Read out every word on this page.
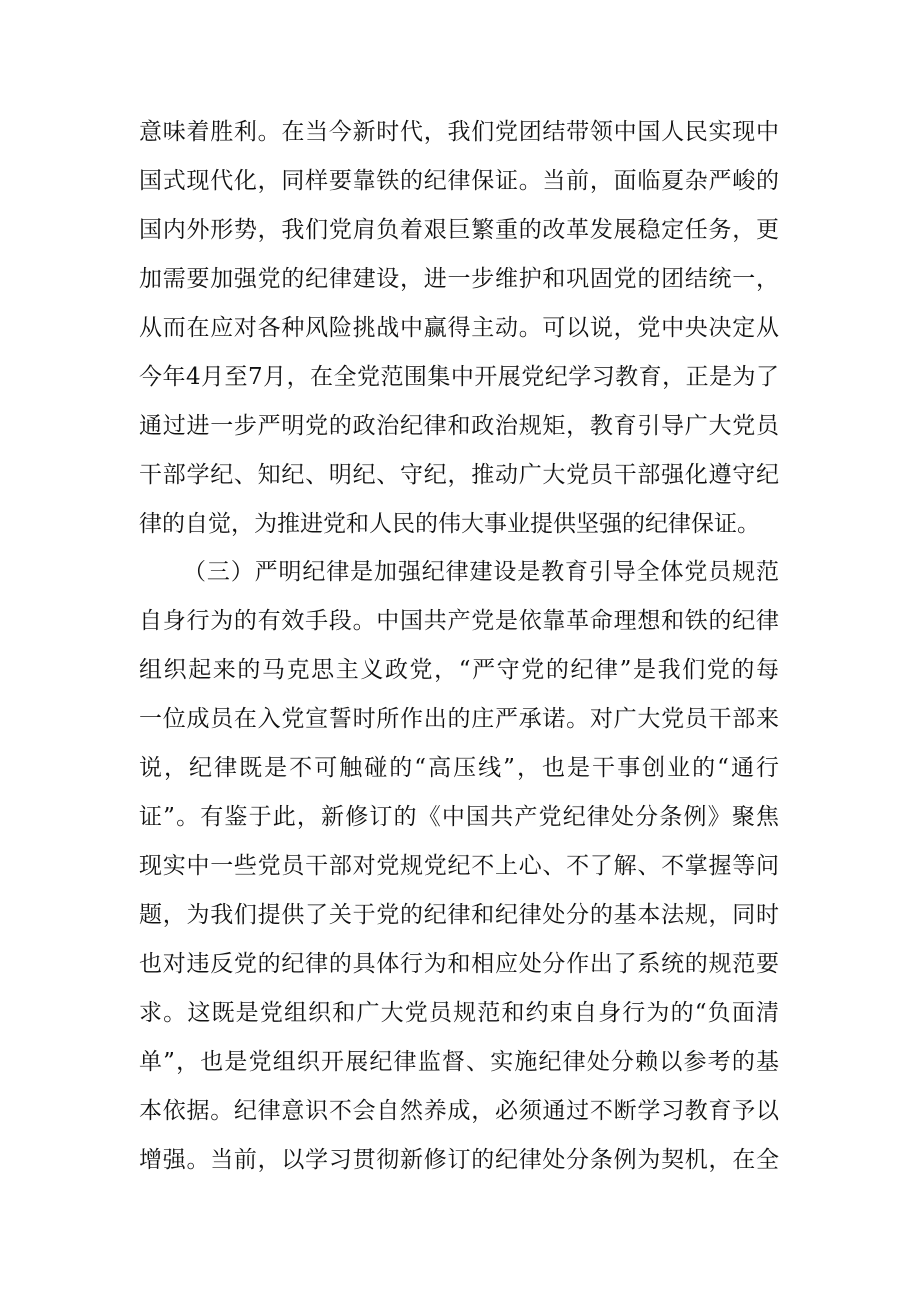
意味着胜利。在当今新时代，我们党团结带领中国人民实现中
国式现代化，同样要靠铁的纪律保证。当前，面临夏杂严峻的
国内外形势，我们党肩负着艰巨繁重的改革发展稳定任务，更
加需要加强党的纪律建设，进一步维护和巩固党的团结统一，
从而在应对各种风险挑战中赢得主动。可以说，党中央决定从
今年4月至7月，在全党范围集中开展党纪学习教育，正是为了
通过进一步严明党的政治纪律和政治规矩，教育引导广大党员
干部学纪、知纪、明纪、守纪，推动广大党员干部强化遵守纪
律的自觉，为推进党和人民的伟大事业提供坚强的纪律保证。
（三）严明纪律是加强纪律建设是教育引导全体党员规范
自身行为的有效手段。中国共产党是依靠革命理想和铁的纪律
组织起来的马克思主义政党，“严守党的纪律”是我们党的每
一位成员在入党宣誓时所作出的庄严承诺。对广大党员干部来
说，纪律既是不可触碰的“高压线”，也是干事创业的“通行
证”。有鉴于此，新修订的《中国共产党纪律处分条例》聚焦
现实中一些党员干部对党规党纪不上心、不了解、不掌握等问
题，为我们提供了关于党的纪律和纪律处分的基本法规，同时
也对违反党的纪律的具体行为和相应处分作出了系统的规范要
求。这既是党组织和广大党员规范和约束自身行为的“负面清
单”，也是党组织开展纪律监督、实施纪律处分赖以参考的基
本依据。纪律意识不会自然养成，必须通过不断学习教育予以
增强。当前，以学习贯彻新修订的纪律处分条例为契机，在全
